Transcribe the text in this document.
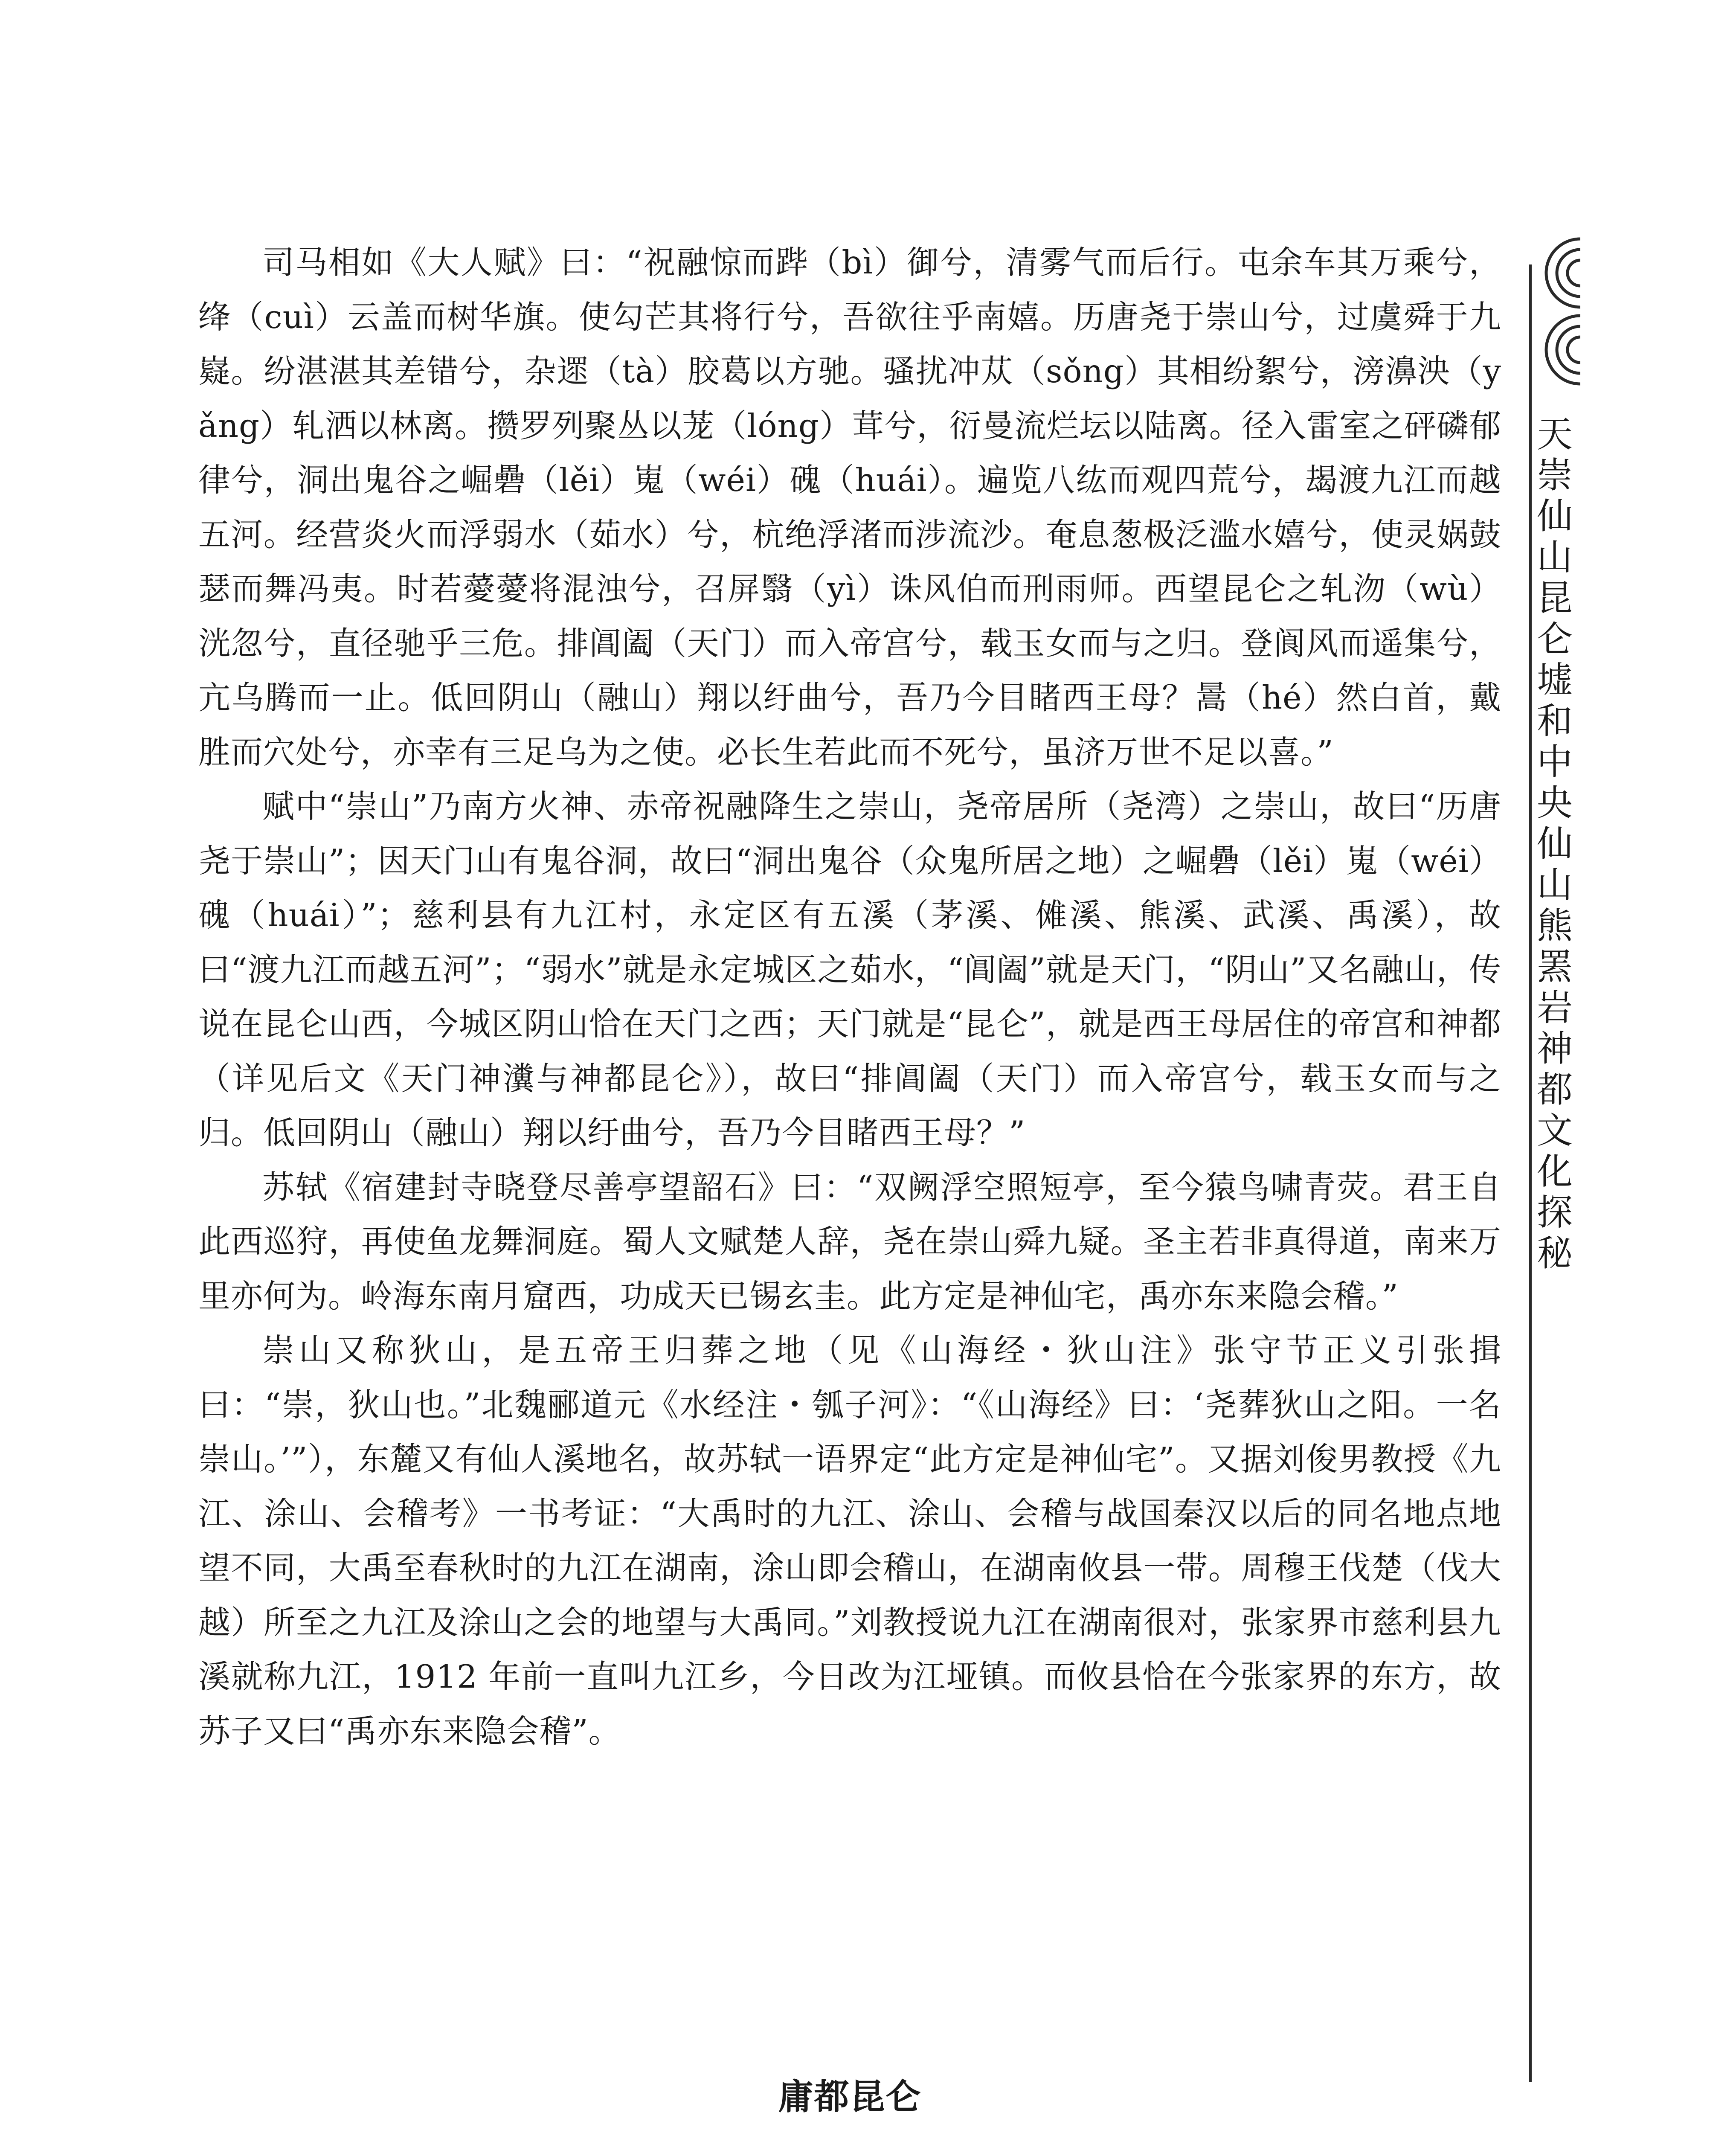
司马相如《大人赋》曰：“祝融惊而跸（bì）御兮，清雾气而后行。屯余车其万乘兮，绛（cuì）云盖而树华旗。使勾芒其将行兮，吾欲往乎南嬉。历唐尧于崇山兮，过虞舜于九嶷。纷湛湛其差错兮，杂遝（tà）胶葛以方驰。骚扰冲苁（sǒng）其相纷絮兮，滂濞泱（yǎng）轧洒以林离。攒罗列聚丛以茏（lóng）茸兮，衍曼流烂坛以陆离。径入雷室之砰磷郁律兮，洞出鬼谷之崛礨（lěi）嵬（wéi）磈（huái）。遍览八纮而观四荒兮，朅渡九江而越五河。经营炎火而浮弱水（茹水）兮，杭绝浮渚而涉流沙。奄息葱极泛滥水嬉兮，使灵娲鼓瑟而舞冯夷。时若薆薆将混浊兮，召屏翳（yì）诛风伯而刑雨师。西望昆仑之轧沕（wù）洸忽兮，直径驰乎三危。排阊阖（天门）而入帝宫兮，载玉女而与之归。登阆风而遥集兮，亢乌腾而一止。低回阴山（融山）翔以纡曲兮，吾乃今目睹西王母？暠（hé）然白首，戴胜而穴处兮，亦幸有三足乌为之使。必长生若此而不死兮，虽济万世不足以喜。”

赋中“崇山”乃南方火神、赤帝祝融降生之崇山，尧帝居所（尧湾）之崇山，故曰“历唐尧于崇山”；因天门山有鬼谷洞，故曰“洞出鬼谷（众鬼所居之地）之崛礨（lěi）嵬（wéi）磈（huái）”；慈利县有九江村，永定区有五溪（茅溪、傩溪、熊溪、武溪、禹溪），故曰“渡九江而越五河”；“弱水”就是永定城区之茹水，“阊阖”就是天门，“阴山”又名融山，传说在昆仑山西，今城区阴山恰在天门之西；天门就是“昆仑”，就是西王母居住的帝宫和神都（详见后文《天门神瀵与神都昆仑》），故曰“排阊阖（天门）而入帝宫兮，载玉女而与之归。低回阴山（融山）翔以纡曲兮，吾乃今目睹西王母？”

苏轼《宿建封寺晓登尽善亭望韶石》曰：“双阙浮空照短亭，至今猿鸟啸青荧。君王自此西巡狩，再使鱼龙舞洞庭。蜀人文赋楚人辞，尧在崇山舜九疑。圣主若非真得道，南来万里亦何为。岭海东南月窟西，功成天已锡玄圭。此方定是神仙宅，禹亦东来隐会稽。”

崇山又称狄山，是五帝王归葬之地（见《山海经・狄山注》张守节正义引张揖曰：“崇，狄山也。”北魏郦道元《水经注・瓠子河》：“《山海经》曰：‘尧葬狄山之阳。一名崇山。’”），东麓又有仙人溪地名，故苏轼一语界定“此方定是神仙宅”。又据刘俊男教授《九江、涂山、会稽考》一书考证：“大禹时的九江、涂山、会稽与战国秦汉以后的同名地点地望不同，大禹至春秋时的九江在湖南，涂山即会稽山，在湖南攸县一带。周穆王伐楚（伐大越）所至之九江及涂山之会的地望与大禹同。”刘教授说九江在湖南很对，张家界市慈利县九溪就称九江，1912 年前一直叫九江乡，今日改为江垭镇。而攸县恰在今张家界的东方，故苏子又曰“禹亦东来隐会稽”。

庸都昆仑

天崇仙山昆仑墟和中央仙山熊罴岩神都文化探秘
